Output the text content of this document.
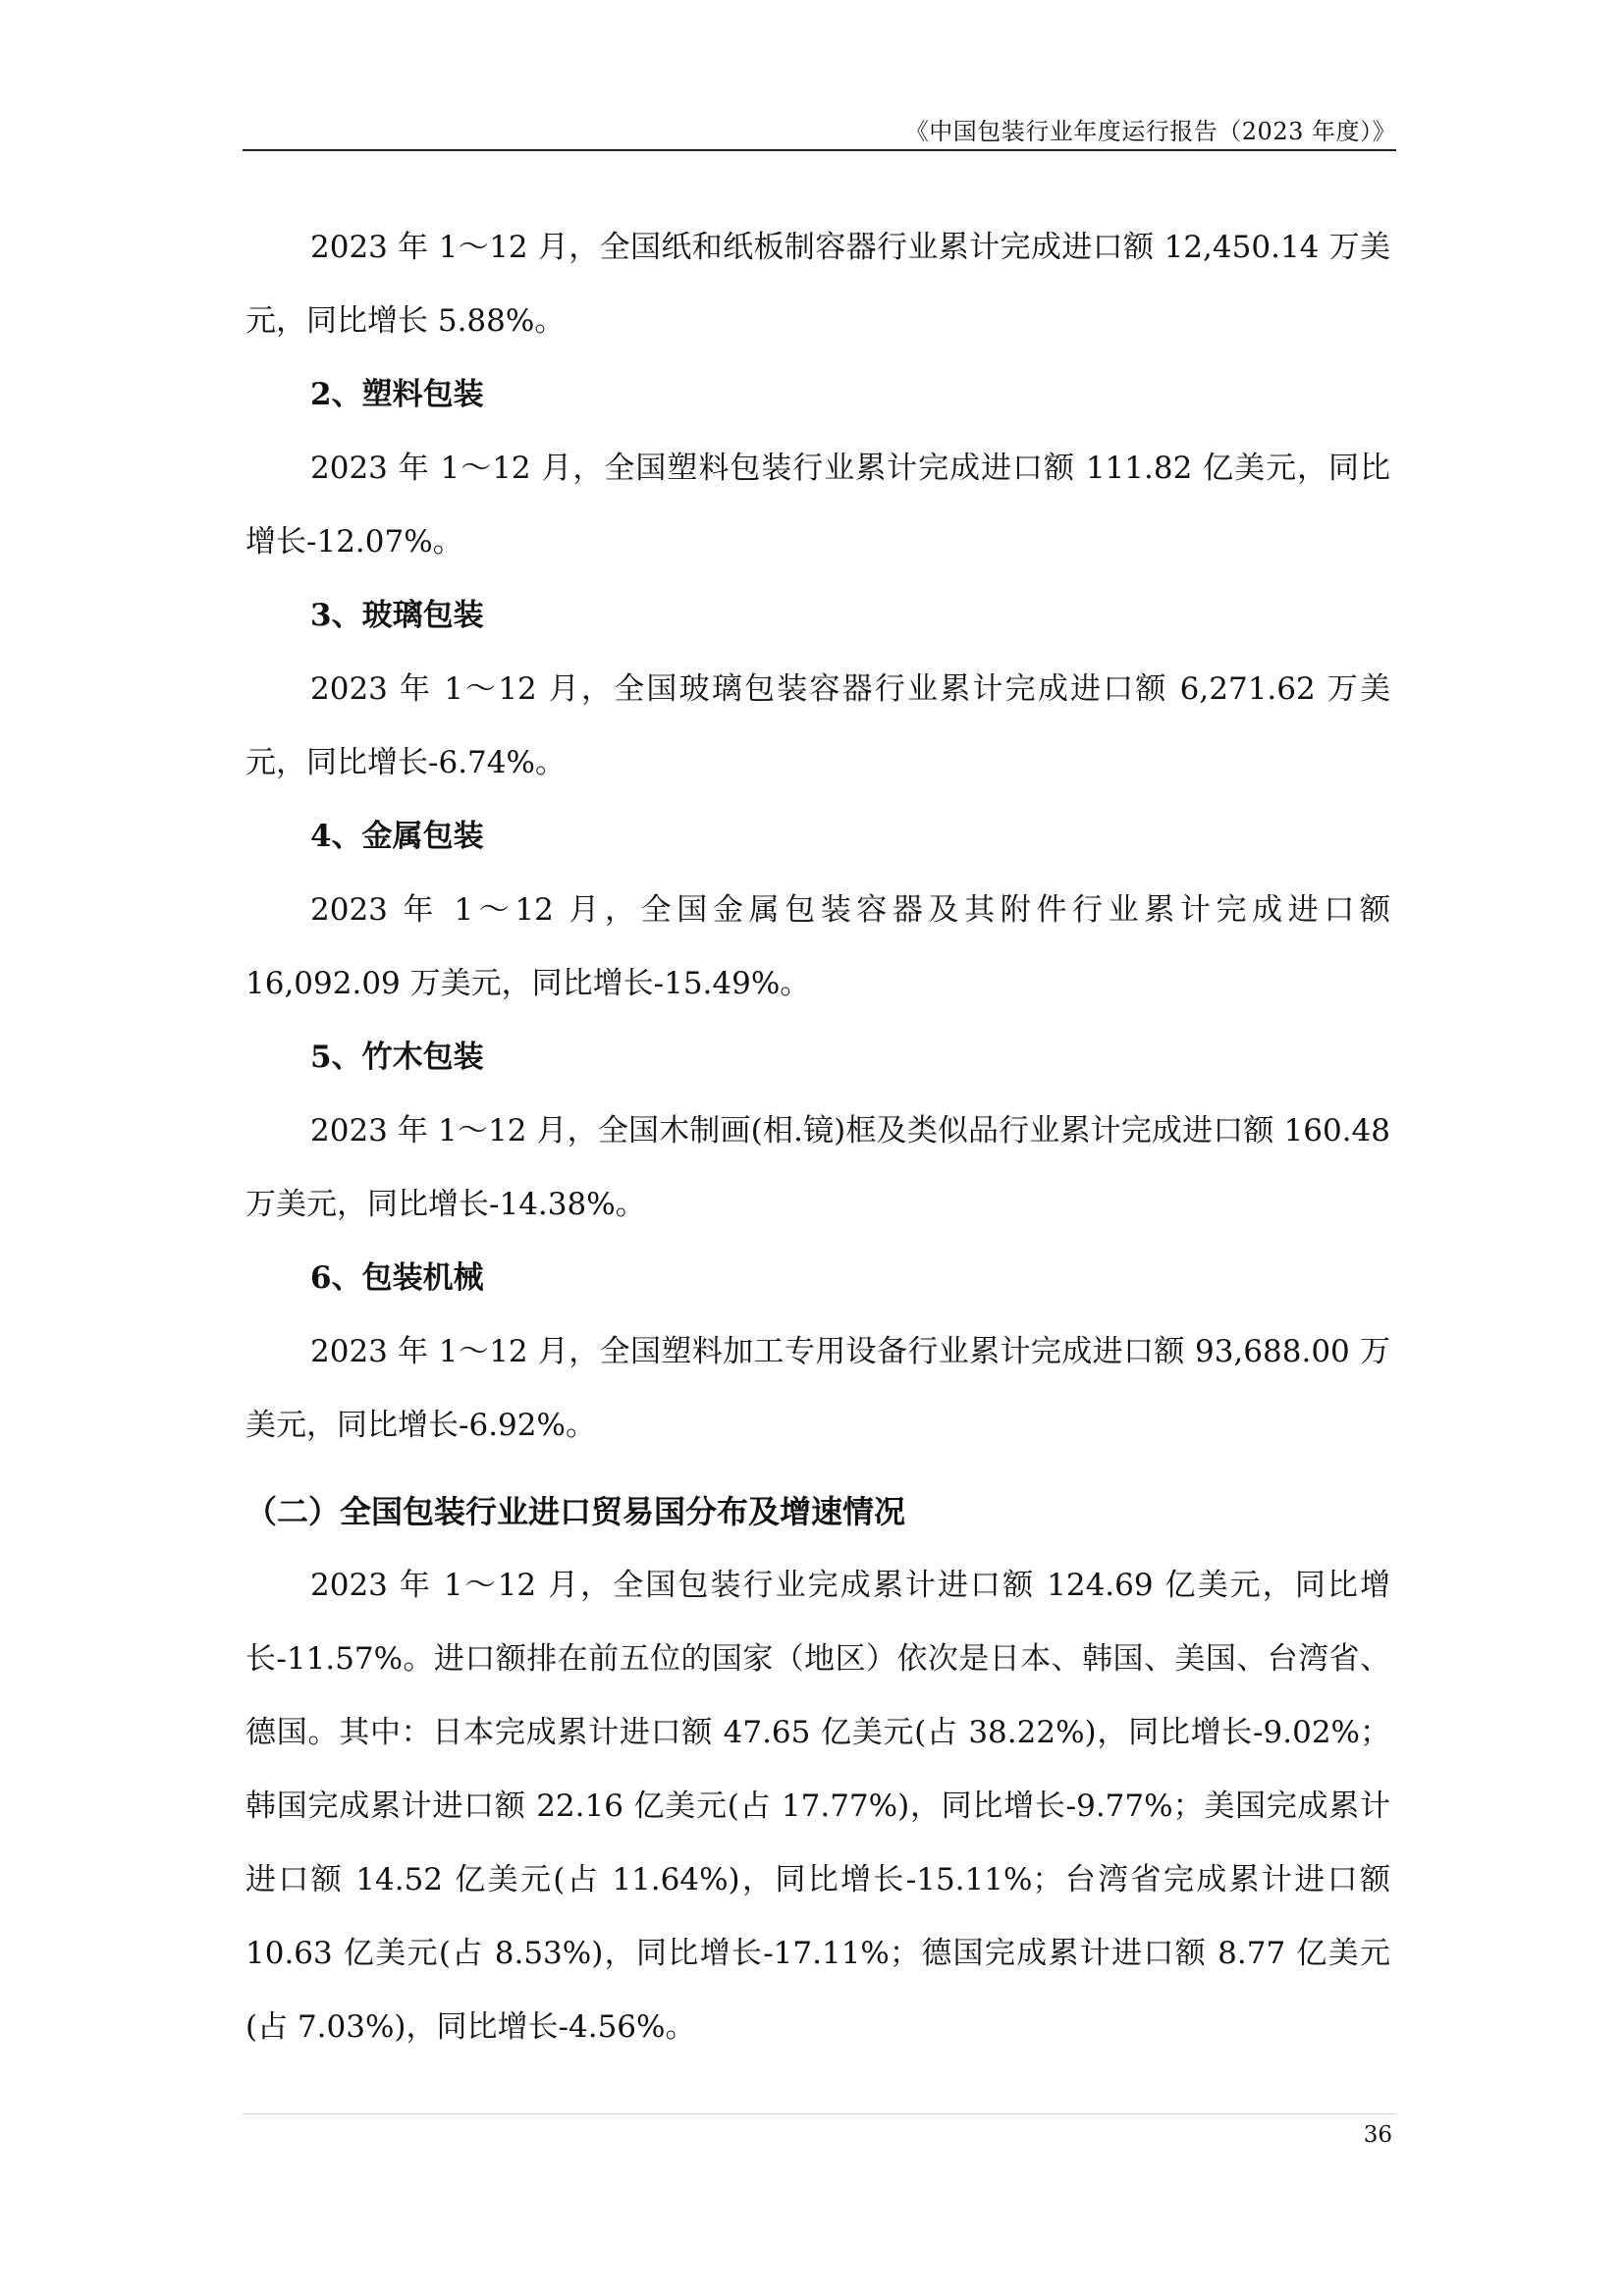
《中国包装行业年度运行报告（2023 年度）》

2023 年 1～12 月，全国纸和纸板制容器行业累计完成进口额 12,450.14 万美元，同比增长 5.88%。

2、塑料包装

2023 年 1～12 月，全国塑料包装行业累计完成进口额 111.82 亿美元，同比增长-12.07%。

3、玻璃包装

2023 年 1～12 月，全国玻璃包装容器行业累计完成进口额 6,271.62 万美元，同比增长-6.74%。

4、金属包装

2023 年 1～12 月，全国金属包装容器及其附件行业累计完成进口额 16,092.09 万美元，同比增长-15.49%。

5、竹木包装

2023 年 1～12 月，全国木制画(相.镜)框及类似品行业累计完成进口额 160.48 万美元，同比增长-14.38%。

6、包装机械

2023 年 1～12 月，全国塑料加工专用设备行业累计完成进口额 93,688.00 万美元，同比增长-6.92%。

（二）全国包装行业进口贸易国分布及增速情况

2023 年 1～12 月，全国包装行业完成累计进口额 124.69 亿美元，同比增长-11.57%。进口额排在前五位的国家（地区）依次是日本、韩国、美国、台湾省、德国。其中：日本完成累计进口额 47.65 亿美元(占 38.22%)，同比增长-9.02%；韩国完成累计进口额 22.16 亿美元(占 17.77%)，同比增长-9.77%；美国完成累计进口额 14.52 亿美元(占 11.64%)，同比增长-15.11%；台湾省完成累计进口额 10.63 亿美元(占 8.53%)，同比增长-17.11%；德国完成累计进口额 8.77 亿美元(占 7.03%)，同比增长-4.56%。

36
